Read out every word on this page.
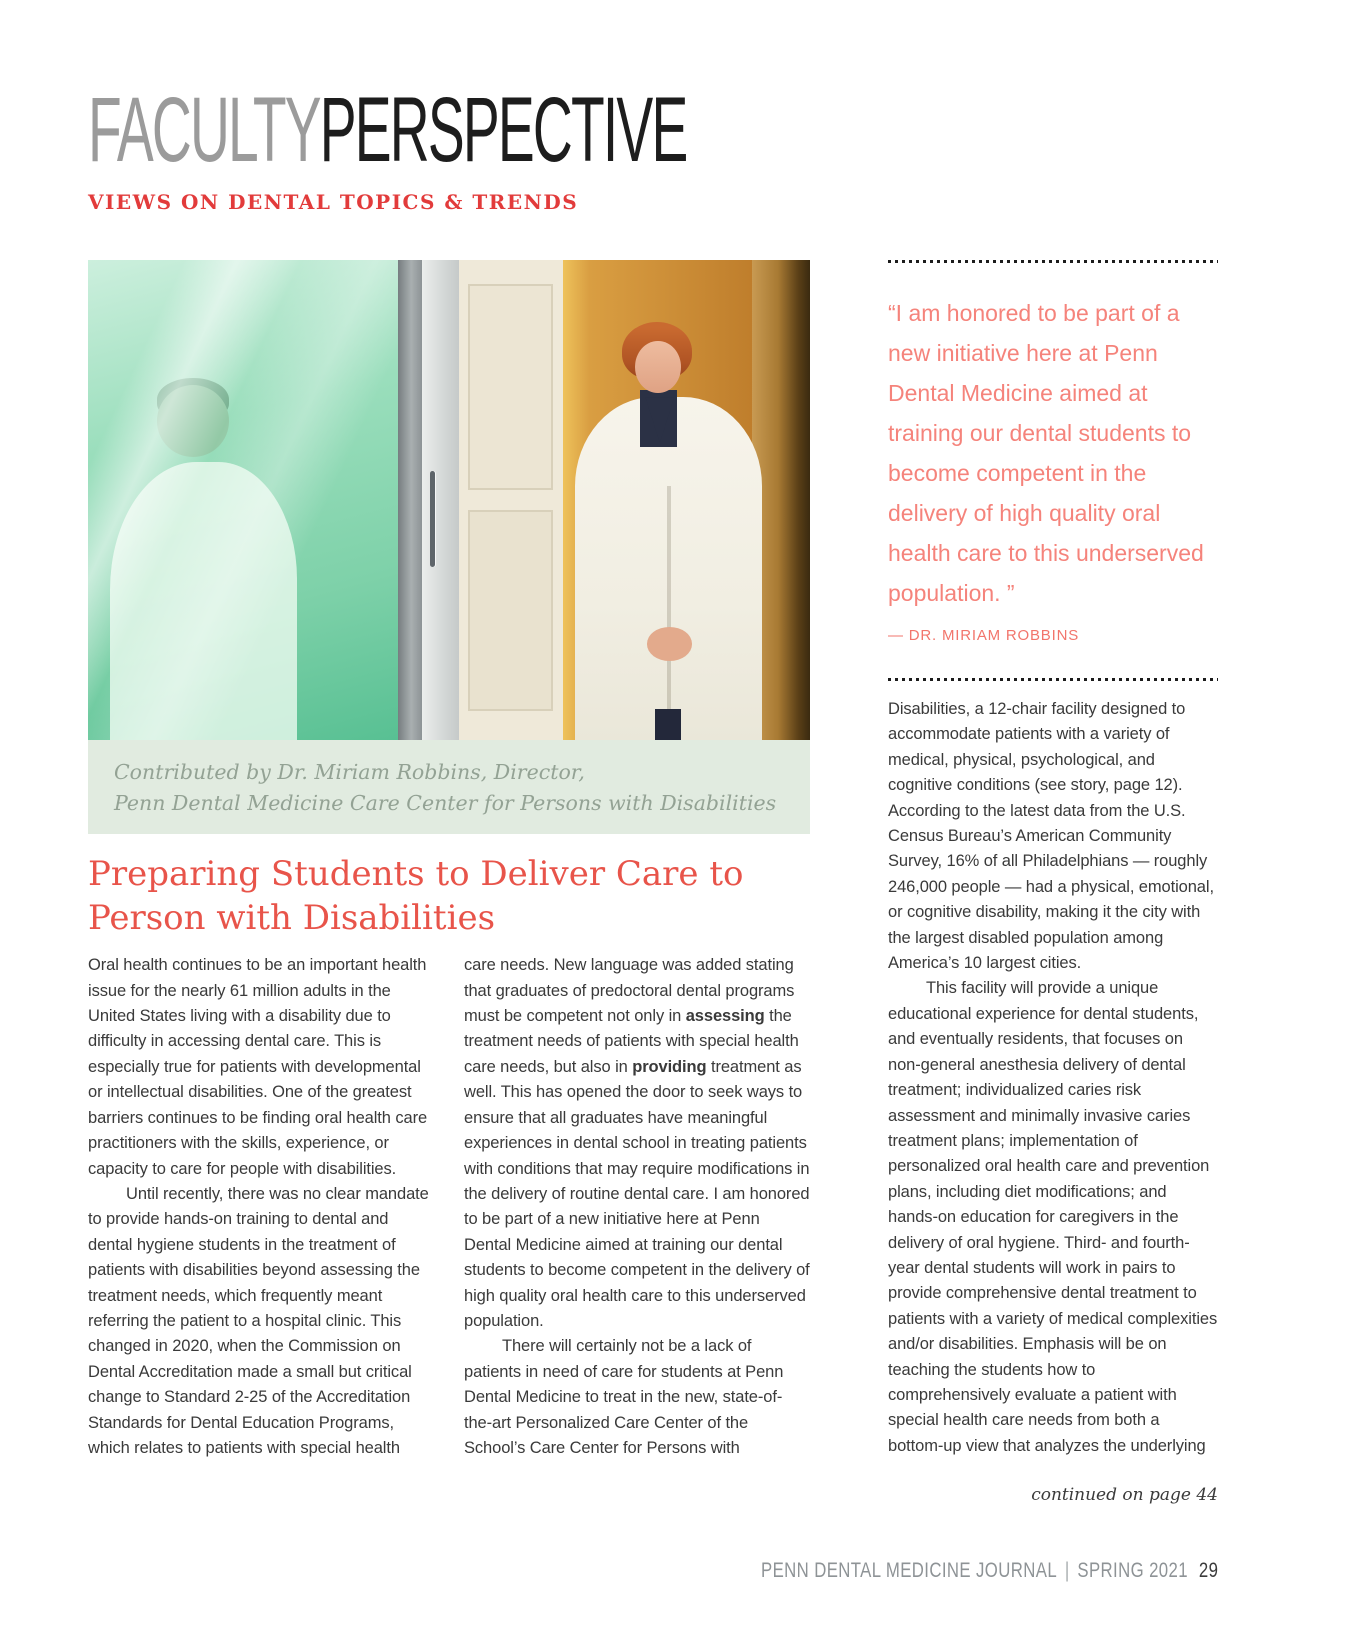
FACULTYPERSPECTIVE
VIEWS ON DENTAL TOPICS & TRENDS

Contributed by Dr. Miriam Robbins, Director,

Penn Dental Medicine Care Center for Persons with Disabilities

Preparing Students to Deliver Care to Person with Disabilities

Oral health continues to be an important health issue for the nearly 61 million adults in the United States living with a disability due to difficulty in accessing dental care. This is especially true for patients with developmental or intellectual disabilities. One of the greatest barriers continues to be finding oral health care practitioners with the skills, experience, or capacity to care for people with disabilities.

Until recently, there was no clear mandate to provide hands-on training to dental and dental hygiene students in the treatment of patients with disabilities beyond assessing the treatment needs, which frequently meant referring the patient to a hospital clinic. This changed in 2020, when the Commission on Dental Accreditation made a small but critical change to Standard 2-25 of the Accreditation Standards for Dental Education Programs, which relates to patients with special health

care needs. New language was added stating that graduates of predoctoral dental programs must be competent not only in assessing the treatment needs of patients with special health care needs, but also in providing treatment as well. This has opened the door to seek ways to ensure that all graduates have meaningful experiences in dental school in treating patients with conditions that may require modifications in the delivery of routine dental care. I am honored to be part of a new initiative here at Penn Dental Medicine aimed at training our dental students to become competent in the delivery of high quality oral health care to this underserved population.

There will certainly not be a lack of patients in need of care for students at Penn Dental Medicine to treat in the new, state-of-the-art Personalized Care Center of the School’s Care Center for Persons with

“I am honored to be part of a new initiative here at Penn Dental Medicine aimed at training our dental students to become competent in the delivery of high quality oral health care to this underserved population. ”
— DR. MIRIAM ROBBINS

Disabilities, a 12-chair facility designed to accommodate patients with a variety of medical, physical, psychological, and cognitive conditions (see story, page 12). According to the latest data from the U.S. Census Bureau’s American Community Survey, 16% of all Philadelphians — roughly 246,000 people — had a physical, emotional, or cognitive disability, making it the city with the largest disabled population among America’s 10 largest cities.

This facility will provide a unique educational experience for dental students, and eventually residents, that focuses on non-general anesthesia delivery of dental treatment; individualized caries risk assessment and minimally invasive caries treatment plans; implementation of personalized oral health care and prevention plans, including diet modifications; and hands-on education for caregivers in the delivery of oral hygiene. Third- and fourth-year dental students will work in pairs to provide comprehensive dental treatment to patients with a variety of medical complexities and/or disabilities. Emphasis will be on teaching the students how to comprehensively evaluate a patient with special health care needs from both a bottom-up view that analyzes the underlying

continued on page 44
PENN DENTAL MEDICINE JOURNAL | SPRING 2021 29
